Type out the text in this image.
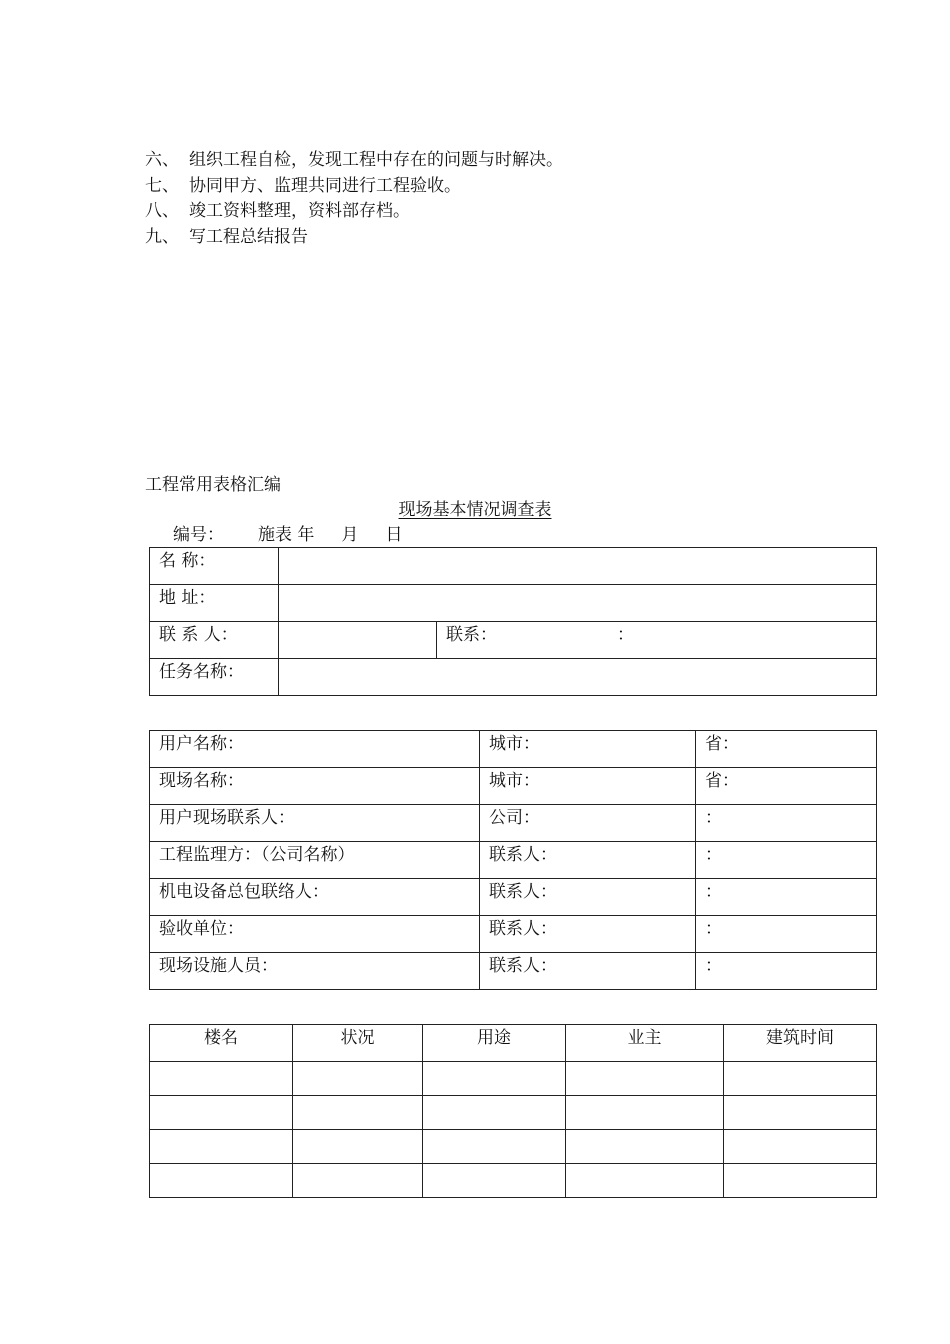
六、 组织工程自检，发现工程中存在的问题与时解决。
七、 协同甲方、监理共同进行工程验收。
八、 竣工资料整理，资料部存档。
九、 写工程总结报告
工程常用表格汇编
现场基本情况调查表
编号： 施表 年     月     日
名 称：		
地 址：		
联 系 人：		联系： ：
任务名称：		
用户名称：	城市：	省：
现场名称：	城市：	省：
用户现场联系人：	公司：	：
工程监理方：（公司名称）	联系人：	：
机电设备总包联络人：	联系人：	：
验收单位：	联系人：	：
现场设施人员：	联系人：	：
楼名	状况	用途	业主	建筑时间
